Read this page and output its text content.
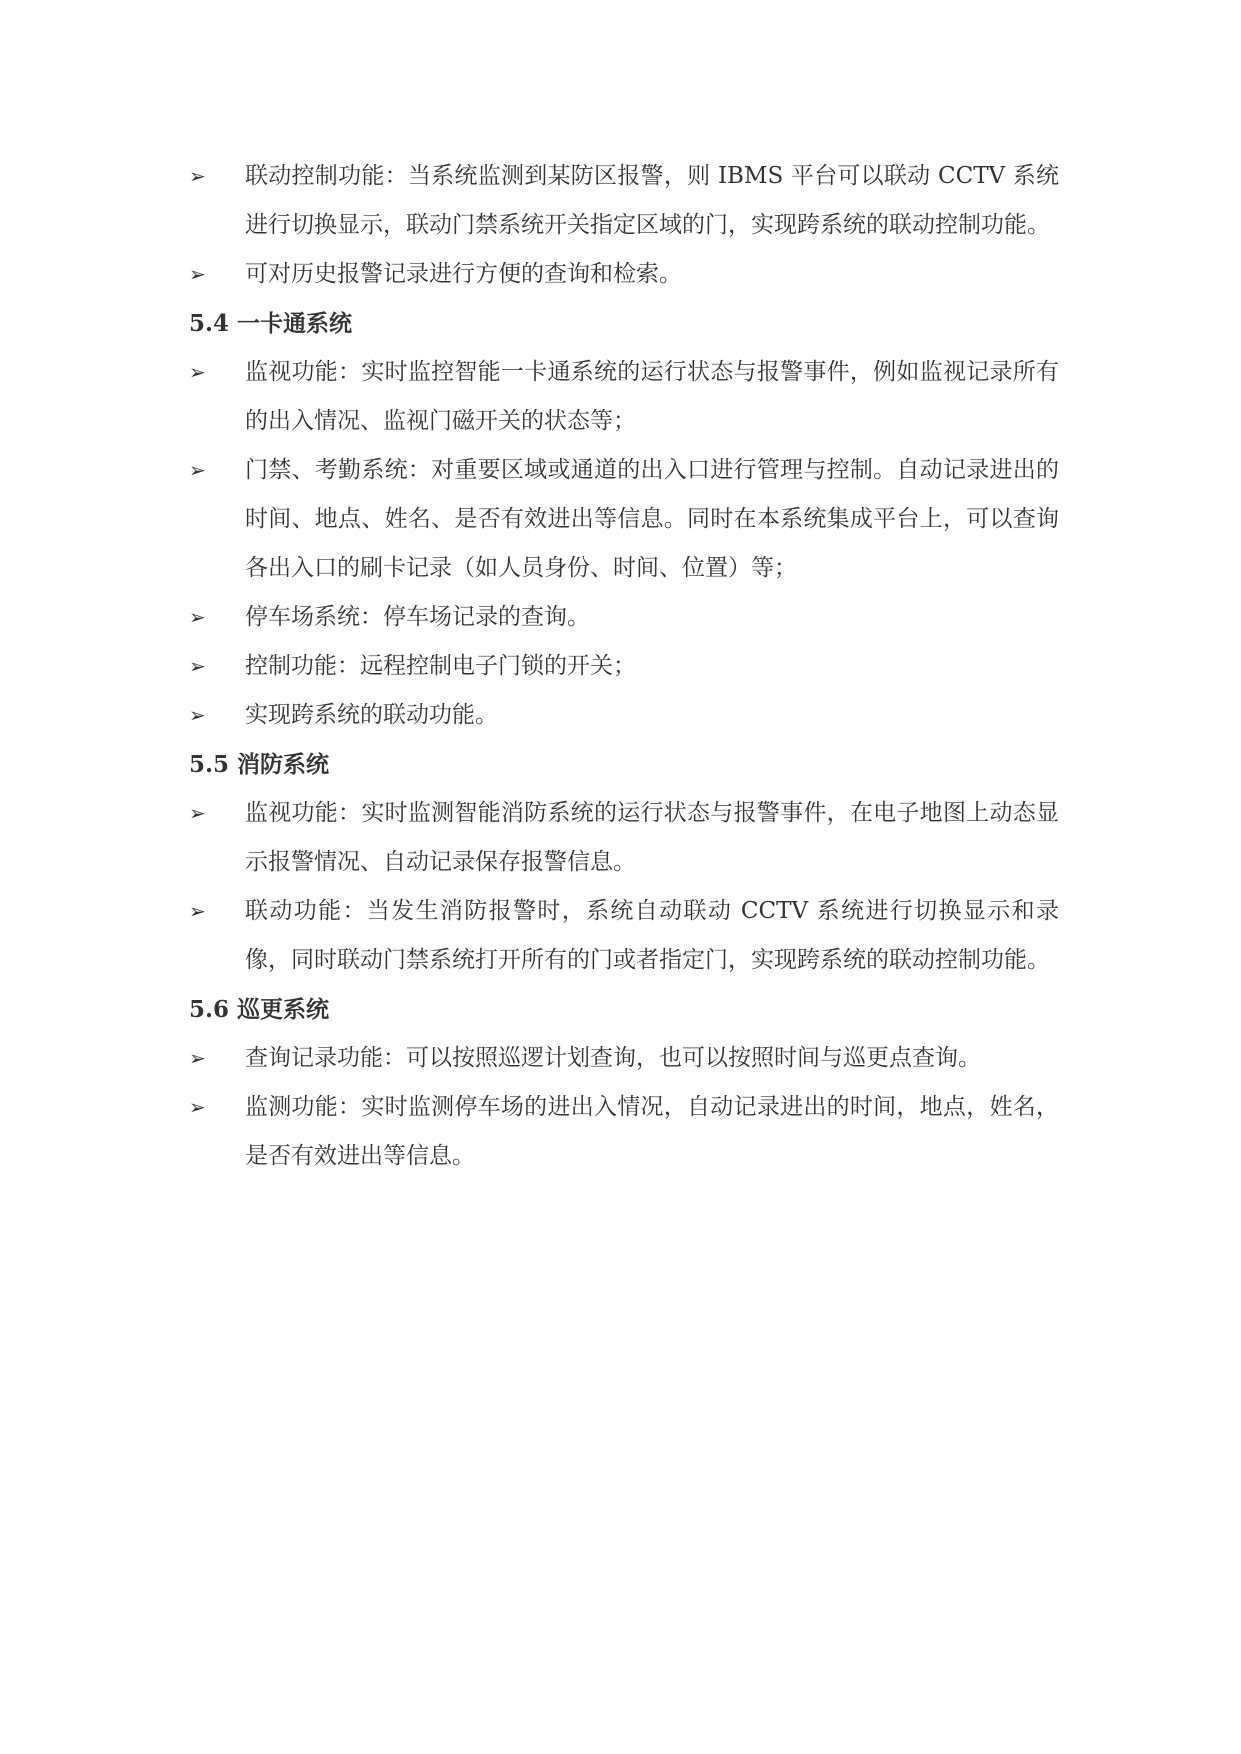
➢	联动控制功能：当系统监测到某防区报警，则 IBMS 平台可以联动 CCTV 系统进行切换显示，联动门禁系统开关指定区域的门，实现跨系统的联动控制功能。
➢	可对历史报警记录进行方便的查询和检索。
5.4 一卡通系统
➢	监视功能：实时监控智能一卡通系统的运行状态与报警事件，例如监视记录所有的出入情况、监视门磁开关的状态等；
➢	门禁、考勤系统：对重要区域或通道的出入口进行管理与控制。自动记录进出的时间、地点、姓名、是否有效进出等信息。同时在本系统集成平台上，可以查询各出入口的刷卡记录（如人员身份、时间、位置）等；
➢	停车场系统：停车场记录的查询。
➢	控制功能：远程控制电子门锁的开关；
➢	实现跨系统的联动功能。
5.5 消防系统
➢	监视功能：实时监测智能消防系统的运行状态与报警事件，在电子地图上动态显示报警情况、自动记录保存报警信息。
➢	联动功能：当发生消防报警时，系统自动联动 CCTV 系统进行切换显示和录像，同时联动门禁系统打开所有的门或者指定门，实现跨系统的联动控制功能。
5.6 巡更系统
➢	查询记录功能：可以按照巡逻计划查询，也可以按照时间与巡更点查询。
➢	监测功能：实时监测停车场的进出入情况，自动记录进出的时间，地点，姓名，是否有效进出等信息。
